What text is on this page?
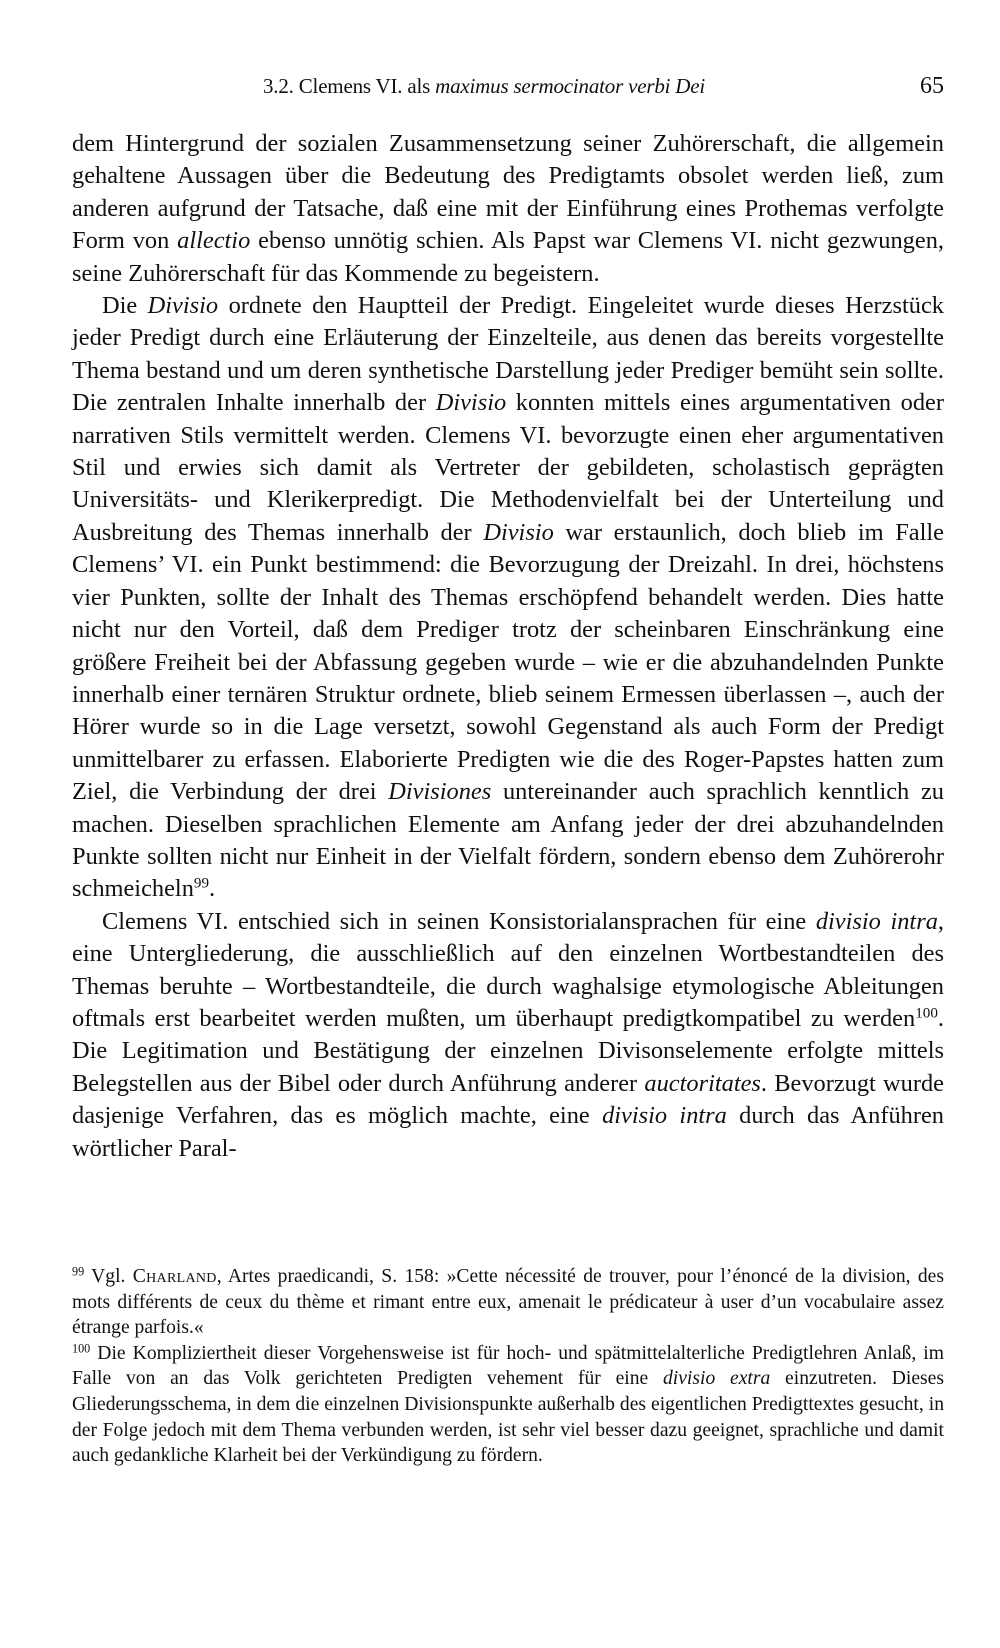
3.2. Clemens VI. als maximus sermocinator verbi Dei	65

dem Hintergrund der sozialen Zusammensetzung seiner Zuhörerschaft, die allgemein gehaltene Aussagen über die Bedeutung des Predigtamts obsolet werden ließ, zum anderen aufgrund der Tatsache, daß eine mit der Einführung eines Prothemas verfolgte Form von allectio ebenso unnötig schien. Als Papst war Clemens VI. nicht gezwungen, seine Zuhörerschaft für das Kommende zu begeistern.

Die Divisio ordnete den Hauptteil der Predigt. Eingeleitet wurde dieses Herzstück jeder Predigt durch eine Erläuterung der Einzelteile, aus denen das bereits vorgestellte Thema bestand und um deren synthetische Darstellung jeder Prediger bemüht sein sollte. Die zentralen Inhalte innerhalb der Divisio konnten mittels eines argumentativen oder narrativen Stils vermittelt werden. Clemens VI. bevorzugte einen eher argumentativen Stil und erwies sich damit als Vertreter der gebildeten, scholastisch geprägten Universitäts- und Klerikerpredigt. Die Methodenvielfalt bei der Unterteilung und Ausbreitung des Themas innerhalb der Divisio war erstaunlich, doch blieb im Falle Clemens’ VI. ein Punkt bestimmend: die Bevorzugung der Dreizahl. In drei, höchstens vier Punkten, sollte der Inhalt des Themas erschöpfend behandelt werden. Dies hatte nicht nur den Vorteil, daß dem Prediger trotz der scheinbaren Einschränkung eine größere Freiheit bei der Abfassung gegeben wurde – wie er die abzuhandelnden Punkte innerhalb einer ternären Struktur ordnete, blieb seinem Ermessen überlassen –, auch der Hörer wurde so in die Lage versetzt, sowohl Gegenstand als auch Form der Predigt unmittelbarer zu erfassen. Elaborierte Predigten wie die des Roger-Papstes hatten zum Ziel, die Verbindung der drei Divisiones untereinander auch sprachlich kenntlich zu machen. Dieselben sprachlichen Elemente am Anfang jeder der drei abzuhandelnden Punkte sollten nicht nur Einheit in der Vielfalt fördern, sondern ebenso dem Zuhörerohr schmeicheln$^{99}$.

Clemens VI. entschied sich in seinen Konsistorialansprachen für eine divisio intra, eine Untergliederung, die ausschließlich auf den einzelnen Wortbestandteilen des Themas beruhte – Wortbestandteile, die durch waghalsige etymologische Ableitungen oftmals erst bearbeitet werden mußten, um überhaupt predigtkompatibel zu werden$^{100}$. Die Legitimation und Bestätigung der einzelnen Divisonselemente erfolgte mittels Belegstellen aus der Bibel oder durch Anführung anderer auctoritates. Bevorzugt wurde dasjenige Verfahren, das es möglich machte, eine divisio intra durch das Anführen wörtlicher Paral-

$^{99}$ Vgl. Charland, Artes praedicandi, S. 158: »Cette nécessité de trouver, pour l’énoncé de la division, des mots différents de ceux du thème et rimant entre eux, amenait le prédicateur à user d’un vocabulaire assez étrange parfois.«

$^{100}$ Die Kompliziertheit dieser Vorgehensweise ist für hoch- und spätmittelalterliche Predigtlehren Anlaß, im Falle von an das Volk gerichteten Predigten vehement für eine divisio extra einzutreten. Dieses Gliederungsschema, in dem die einzelnen Divisionspunkte außerhalb des eigentlichen Predigttextes gesucht, in der Folge jedoch mit dem Thema verbunden werden, ist sehr viel besser dazu geeignet, sprachliche und damit auch gedankliche Klarheit bei der Verkündigung zu fördern.
